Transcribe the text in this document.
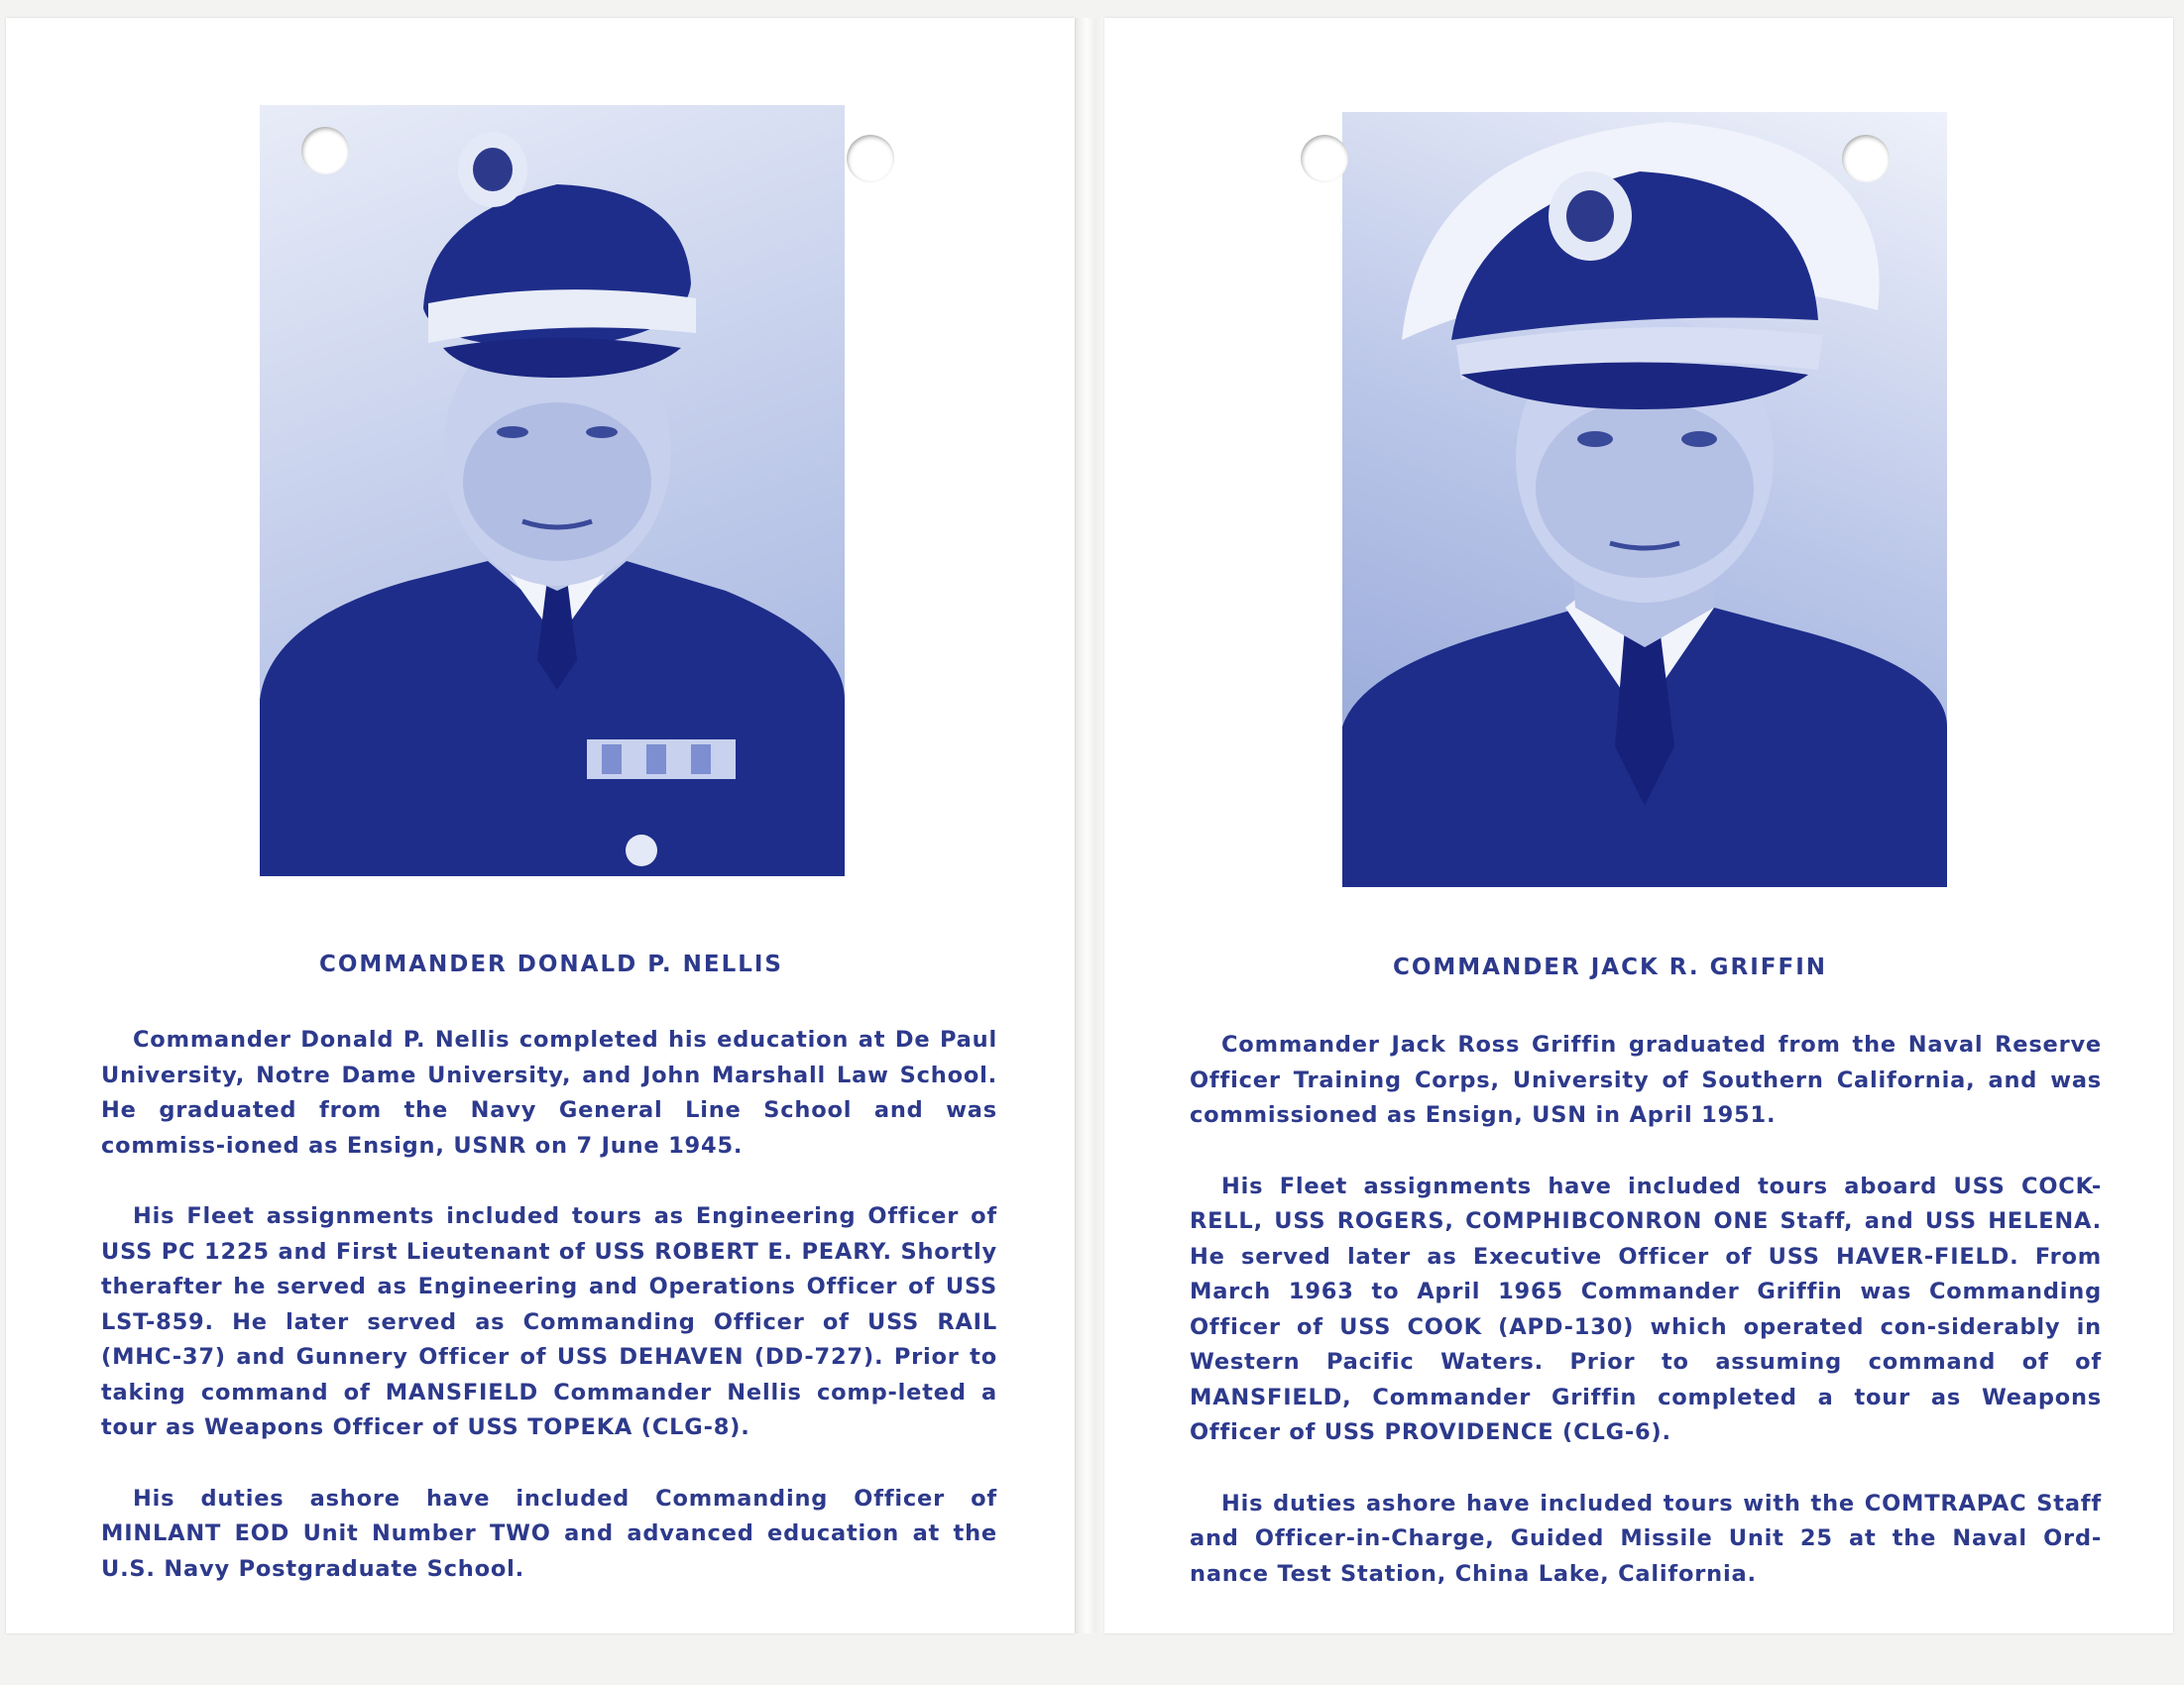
COMMANDER DONALD P. NELLIS

Commander Donald P. Nellis completed his education at De Paul University, Notre Dame University, and John Marshall Law School. He graduated from the Navy General Line School and was commiss-ioned as Ensign, USNR on 7 June 1945.

His Fleet assignments included tours as Engineering Officer of USS PC 1225 and First Lieutenant of USS ROBERT E. PEARY. Shortly therafter he served as Engineering and Operations Officer of USS LST-859. He later served as Commanding Officer of USS RAIL (MHC-37) and Gunnery Officer of USS DEHAVEN (DD-727). Prior to taking command of MANSFIELD Commander Nellis comp-leted a tour as Weapons Officer of USS TOPEKA (CLG-8).

His duties ashore have included Commanding Officer of MINLANT EOD Unit Number TWO and advanced education at the U.S. Navy Postgraduate School.

COMMANDER JACK R. GRIFFIN

Commander Jack Ross Griffin graduated from the Naval Reserve Officer Training Corps, University of Southern California, and was commissioned as Ensign, USN in April 1951.

His Fleet assignments have included tours aboard USS COCK-RELL, USS ROGERS, COMPHIBCONRON ONE Staff, and USS HELENA. He served later as Executive Officer of USS HAVER-FIELD. From March 1963 to April 1965 Commander Griffin was Commanding Officer of USS COOK (APD-130) which operated con-siderably in Western Pacific Waters. Prior to assuming command of of MANSFIELD, Commander Griffin completed a tour as Weapons Officer of USS PROVIDENCE (CLG-6).

His duties ashore have included tours with the COMTRAPAC Staff and Officer-in-Charge, Guided Missile Unit 25 at the Naval Ord-nance Test Station, China Lake, California.
